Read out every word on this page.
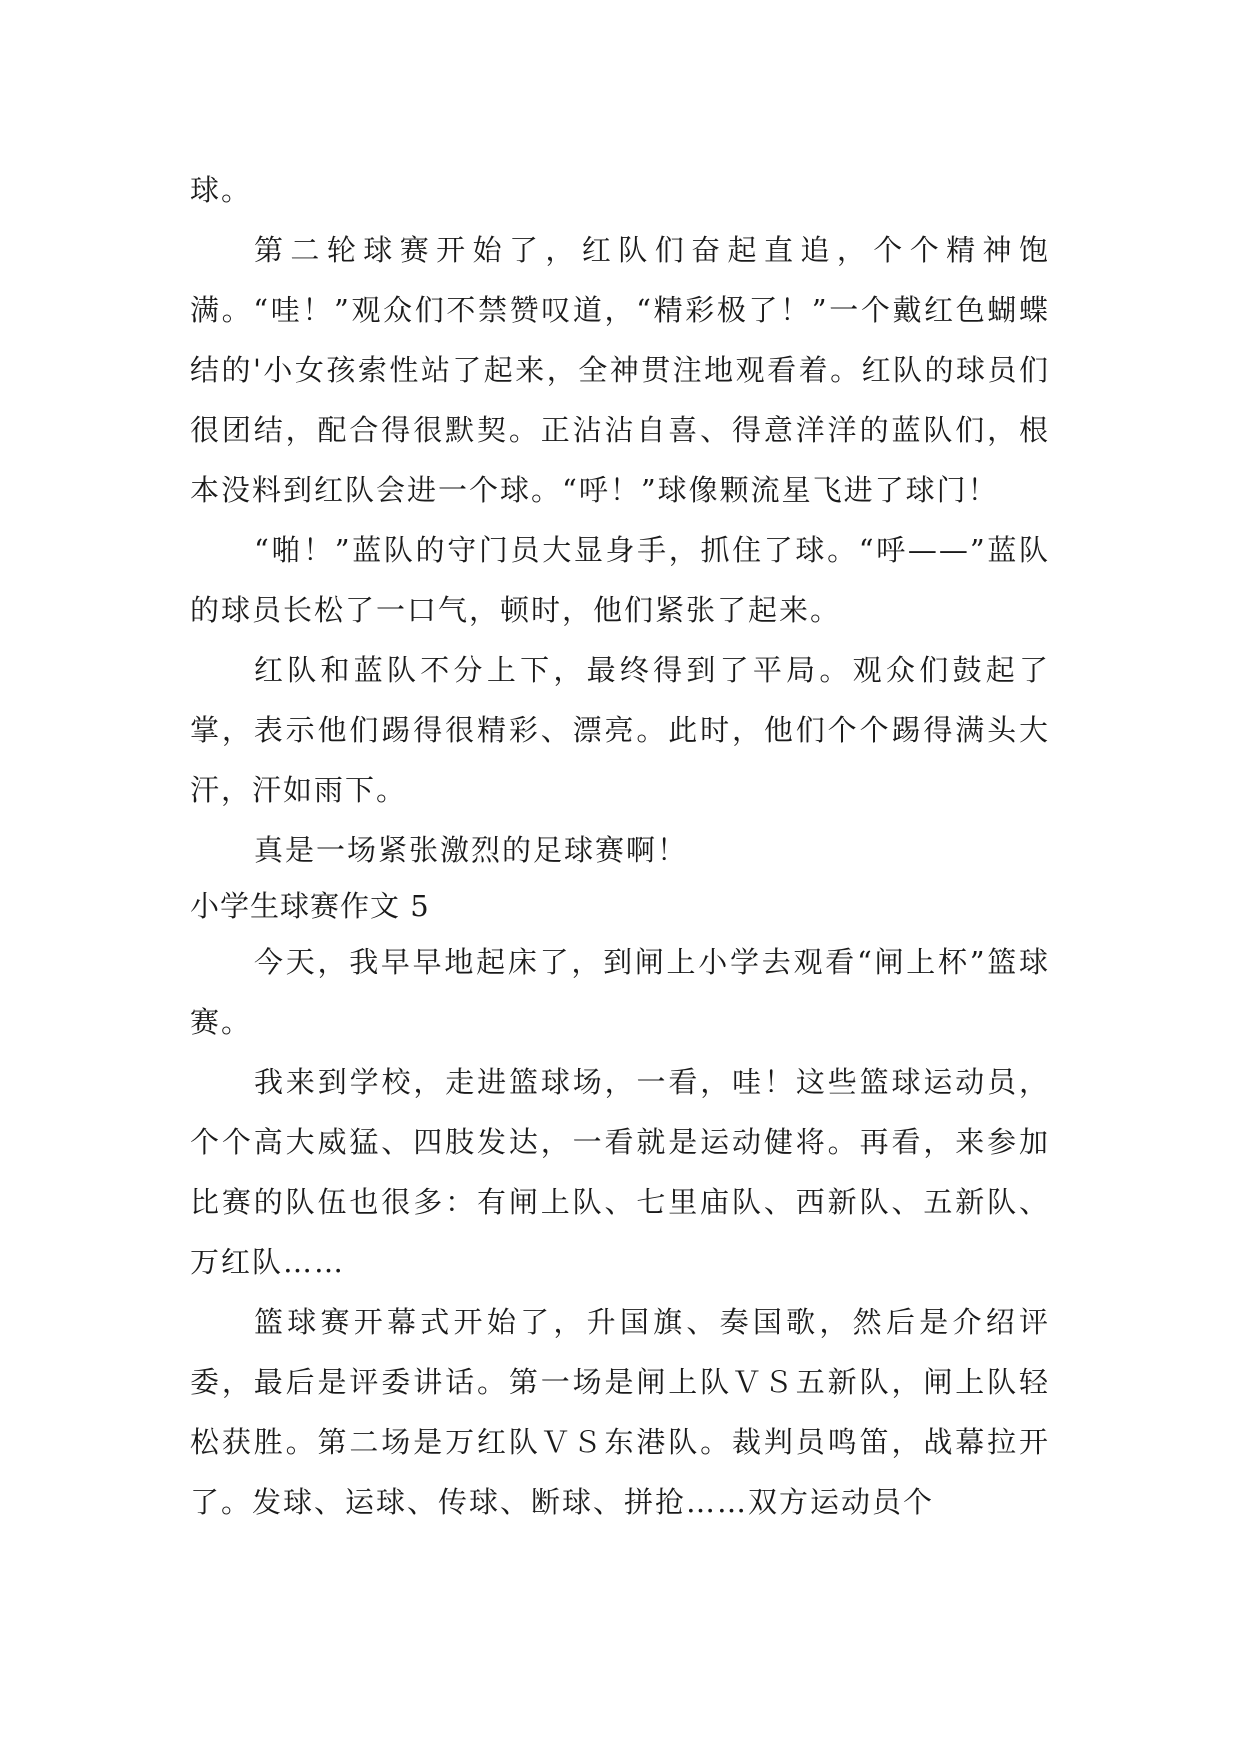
球。

第二轮球赛开始了，红队们奋起直追，个个精神饱满。“哇！”观众们不禁赞叹道，“精彩极了！”一个戴红色蝴蝶结的'小女孩索性站了起来，全神贯注地观看着。红队的球员们很团结，配合得很默契。正沾沾自喜、得意洋洋的蓝队们，根本没料到红队会进一个球。“呼！”球像颗流星飞进了球门！

“啪！”蓝队的守门员大显身手，抓住了球。“呼——”蓝队的球员长松了一口气，顿时，他们紧张了起来。

红队和蓝队不分上下，最终得到了平局。观众们鼓起了掌，表示他们踢得很精彩、漂亮。此时，他们个个踢得满头大汗，汗如雨下。

真是一场紧张激烈的足球赛啊！

小学生球赛作文 5

今天，我早早地起床了，到闸上小学去观看“闸上杯”篮球赛。

我来到学校，走进篮球场，一看，哇！这些篮球运动员，个个高大威猛、四肢发达，一看就是运动健将。再看，来参加比赛的队伍也很多：有闸上队、七里庙队、西新队、五新队、万红队……

篮球赛开幕式开始了，升国旗、奏国歌，然后是介绍评委，最后是评委讲话。第一场是闸上队ＶＳ五新队，闸上队轻松获胜。第二场是万红队ＶＳ东港队。裁判员鸣笛，战幕拉开了。发球、运球、传球、断球、拼抢……双方运动员个
